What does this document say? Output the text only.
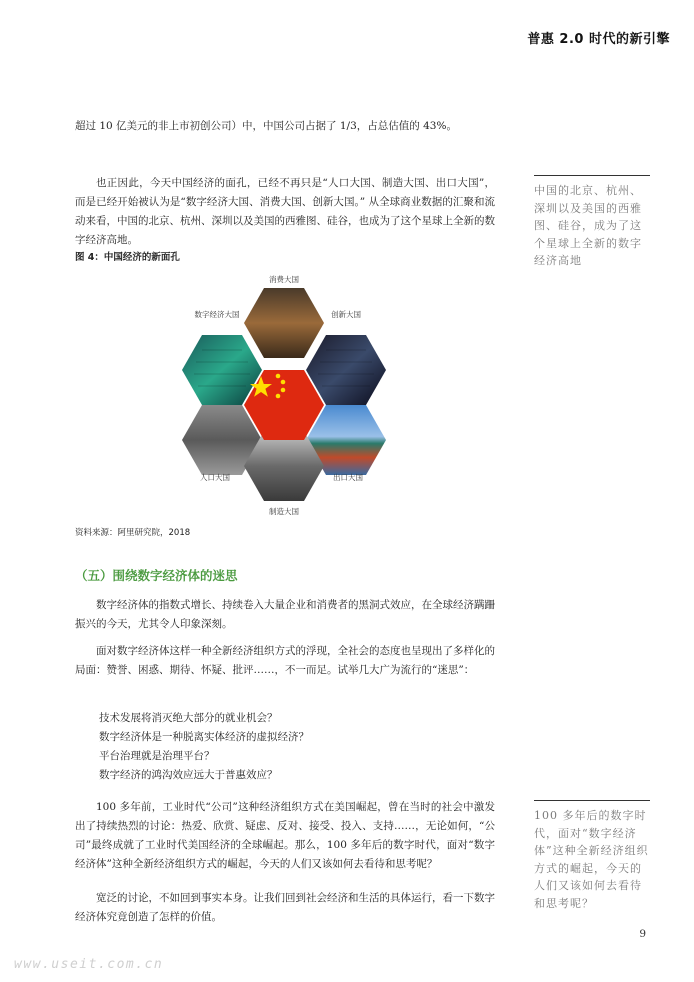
普惠 2.0 时代的新引擎

超过 10 亿美元的非上市初创公司）中，中国公司占据了 1/3，占总估值的 43%。

也正因此，今天中国经济的面孔，已经不再只是“人口大国、制造大国、出口大国”，而是已经开始被认为是“数字经济大国、消费大国、创新大国。” 从全球商业数据的汇聚和流动来看，中国的北京、杭州、深圳以及美国的西雅图、硅谷，也成为了这个星球上全新的数字经济高地。

图 4：中国经济的新面孔
消费大国
数字经济大国	创新大国
人口大国	出口大国
制造大国
资料来源：阿里研究院，2018
（五）围绕数字经济体的迷思

数字经济体的指数式增长、持续卷入大量企业和消费者的黑洞式效应，在全球经济蹒跚振兴的今天，尤其令人印象深刻。

面对数字经济体这样一种全新经济组织方式的浮现，全社会的态度也呈现出了多样化的局面：赞誉、困惑、期待、怀疑、批评……，不一而足。试举几大广为流行的“迷思”：

技术发展将消灭绝大部分的就业机会？
数字经济体是一种脱离实体经济的虚拟经济？
平台治理就是治理平台？
数字经济的鸿沟效应远大于普惠效应？

100 多年前，工业时代“公司”这种经济组织方式在美国崛起，曾在当时的社会中激发出了持续热烈的讨论：热爱、欣赏、疑虑、反对、接受、投入、支持……，无论如何，“公司”最终成就了工业时代美国经济的全球崛起。那么，100 多年后的数字时代，面对“数字经济体”这种全新经济组织方式的崛起，今天的人们又该如何去看待和思考呢？

宽泛的讨论，不如回到事实本身。让我们回到社会经济和生活的具体运行，看一下数字经济体究竟创造了怎样的价值。

中国的北京、杭州、深圳以及美国的西雅图、硅谷，成为了这个星球上全新的数字经济高地
100 多年后的数字时代，面对“数字经济体”这种全新经济组织方式的崛起，今天的人们又该如何去看待和思考呢？
9
www.useit.com.cn
